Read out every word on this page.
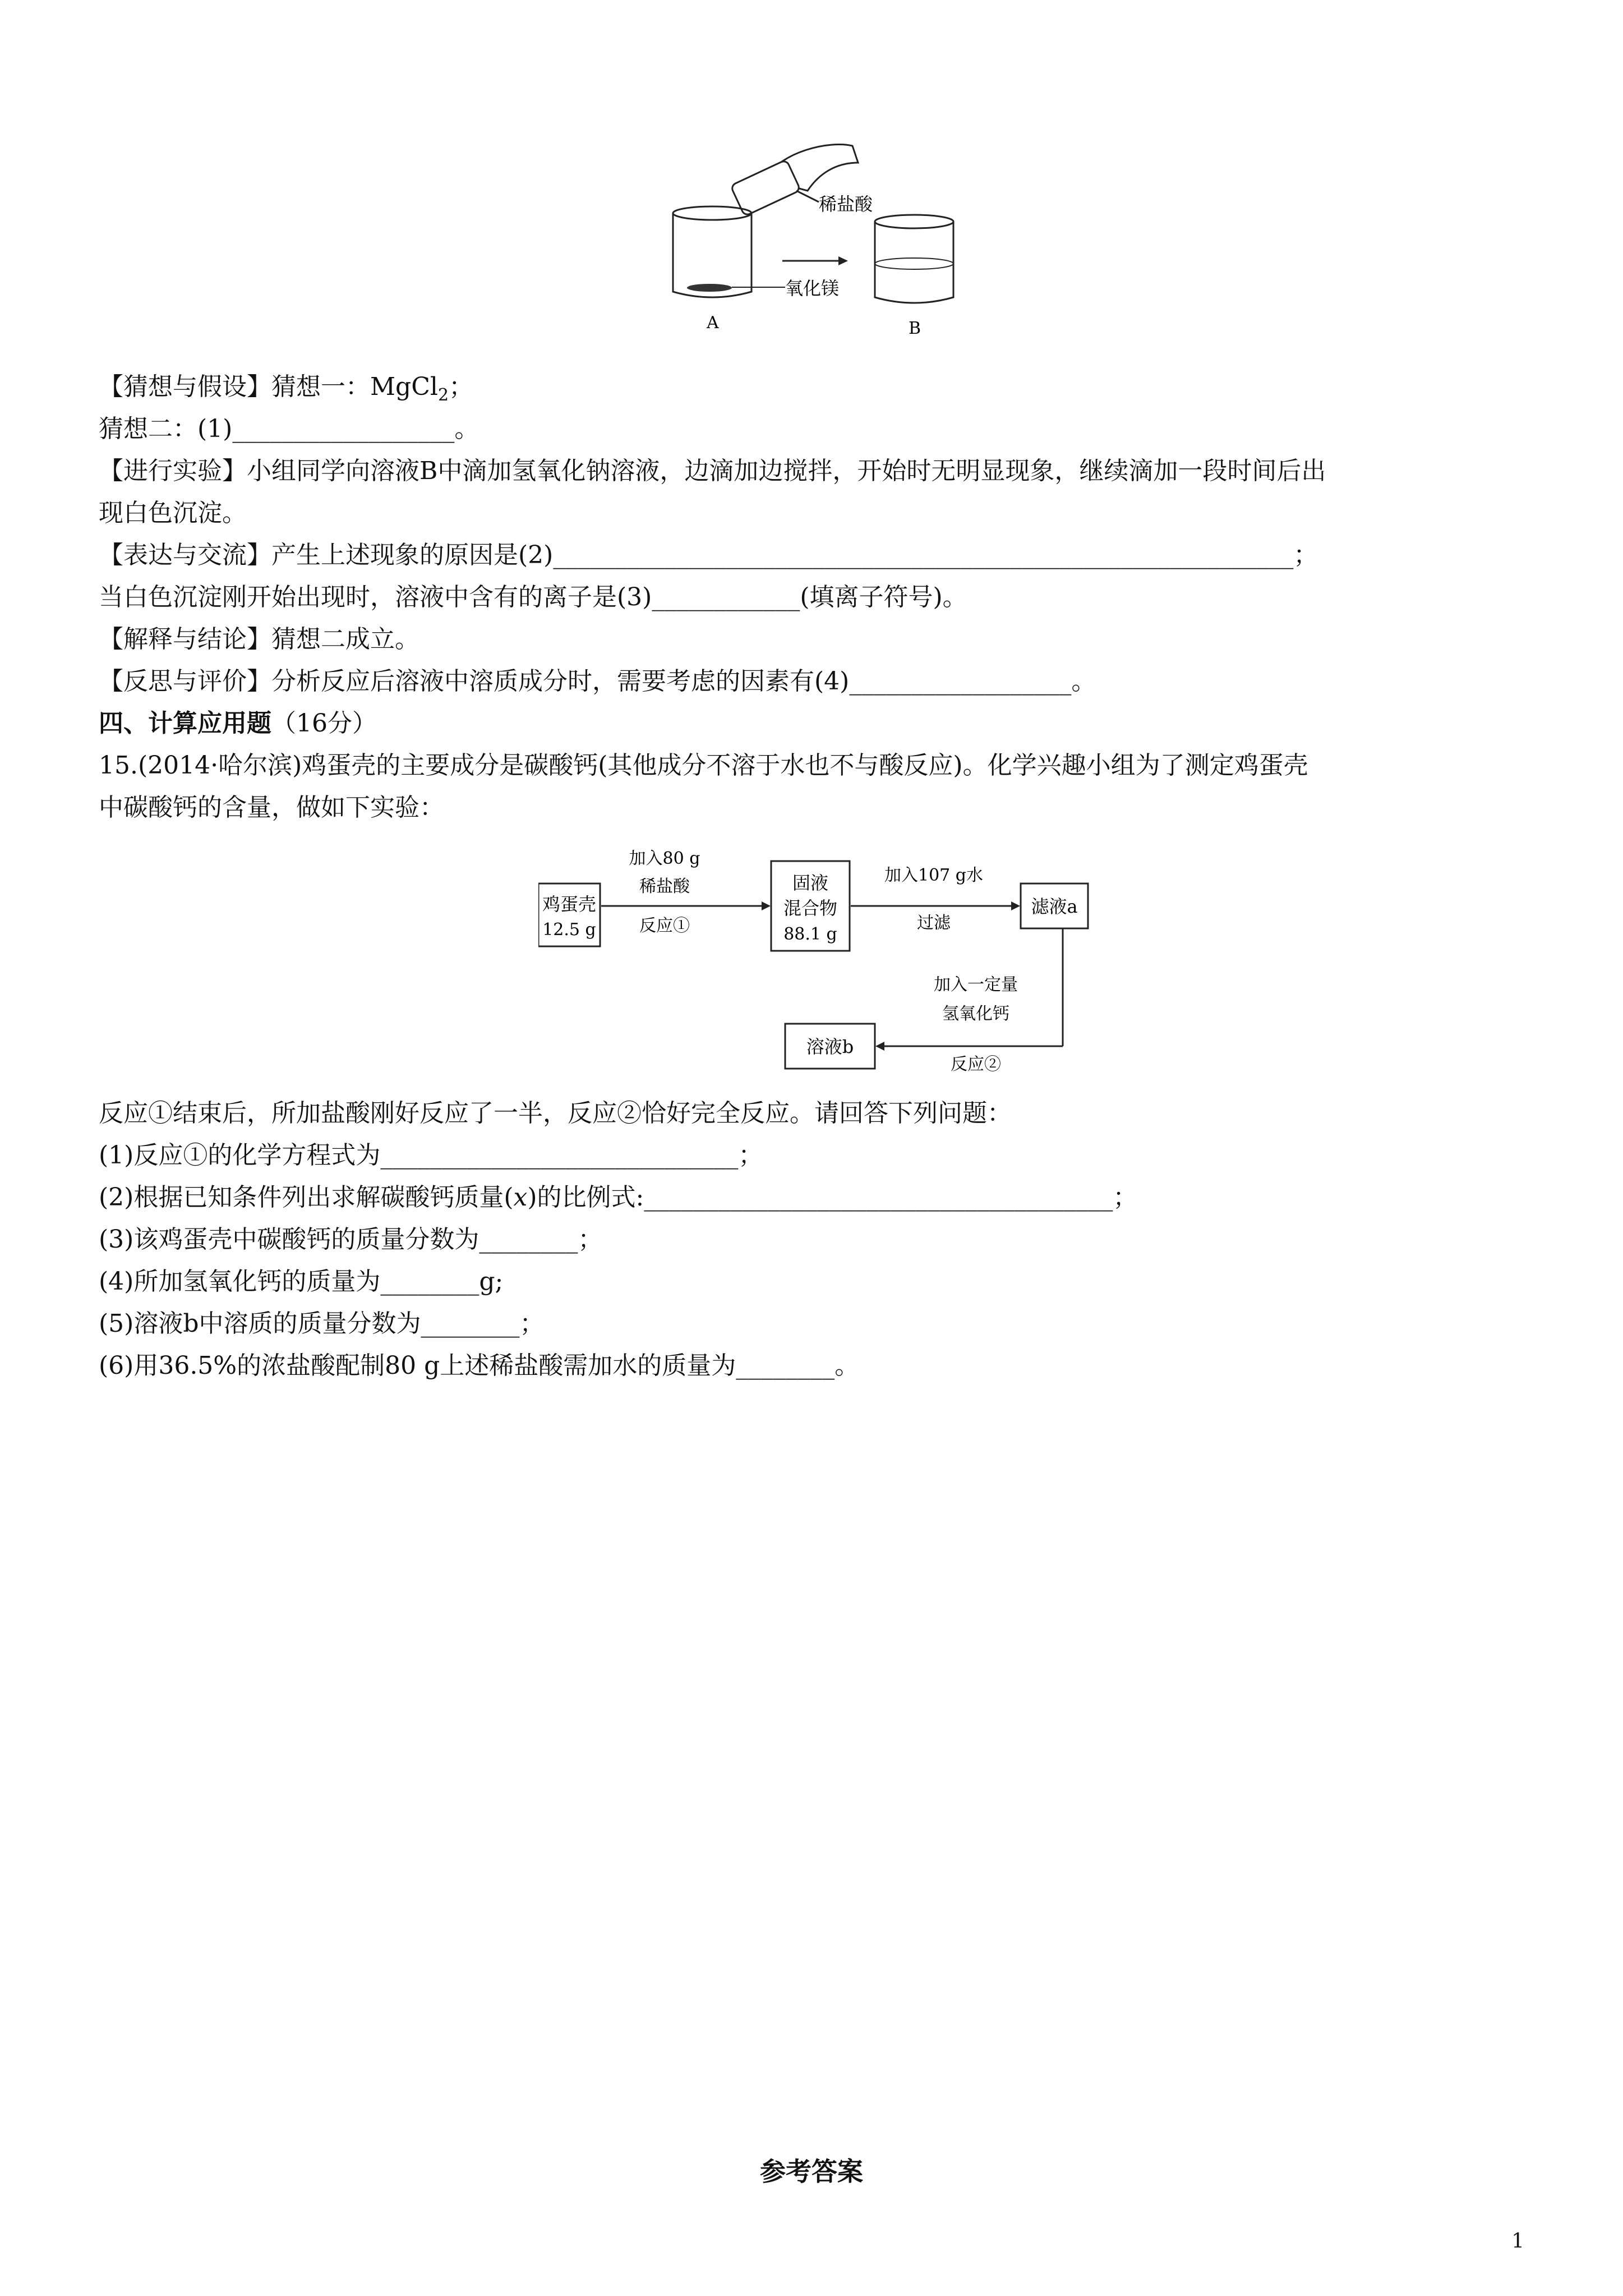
稀盐酸
氧化镁
A	B
【猜想与假设】猜想一：MgCl$_2$；
猜想二：(1)__________________。
【进行实验】小组同学向溶液B中滴加氢氧化钠溶液，边滴加边搅拌，开始时无明显现象，继续滴加一段时间后出
现白色沉淀。
【表达与交流】产生上述现象的原因是(2)____________________________________________________________；
当白色沉淀刚开始出现时，溶液中含有的离子是(3)____________(填离子符号)。
【解释与结论】猜想二成立。
【反思与评价】分析反应后溶液中溶质成分时，需要考虑的因素有(4)__________________。
四、计算应用题（16分）
15.(2014·哈尔滨)鸡蛋壳的主要成分是碳酸钙(其他成分不溶于水也不与酸反应)。化学兴趣小组为了测定鸡蛋壳
中碳酸钙的含量，做如下实验：
鸡蛋壳
12.5 g
加入80 g
稀盐酸
反应①
固液
混合物
88.1 g
加入107 g水
过滤
滤液a
加入一定量
氢氧化钙
反应②
溶液b
反应①结束后，所加盐酸刚好反应了一半，反应②恰好完全反应。请回答下列问题：
(1)反应①的化学方程式为_____________________________；
(2)根据已知条件列出求解碳酸钙质量(x)的比例式:______________________________________；
(3)该鸡蛋壳中碳酸钙的质量分数为________；
(4)所加氢氧化钙的质量为________g;
(5)溶液b中溶质的质量分数为________；
(6)用36.5%的浓盐酸配制80 g上述稀盐酸需加水的质量为________。
参考答案
1
